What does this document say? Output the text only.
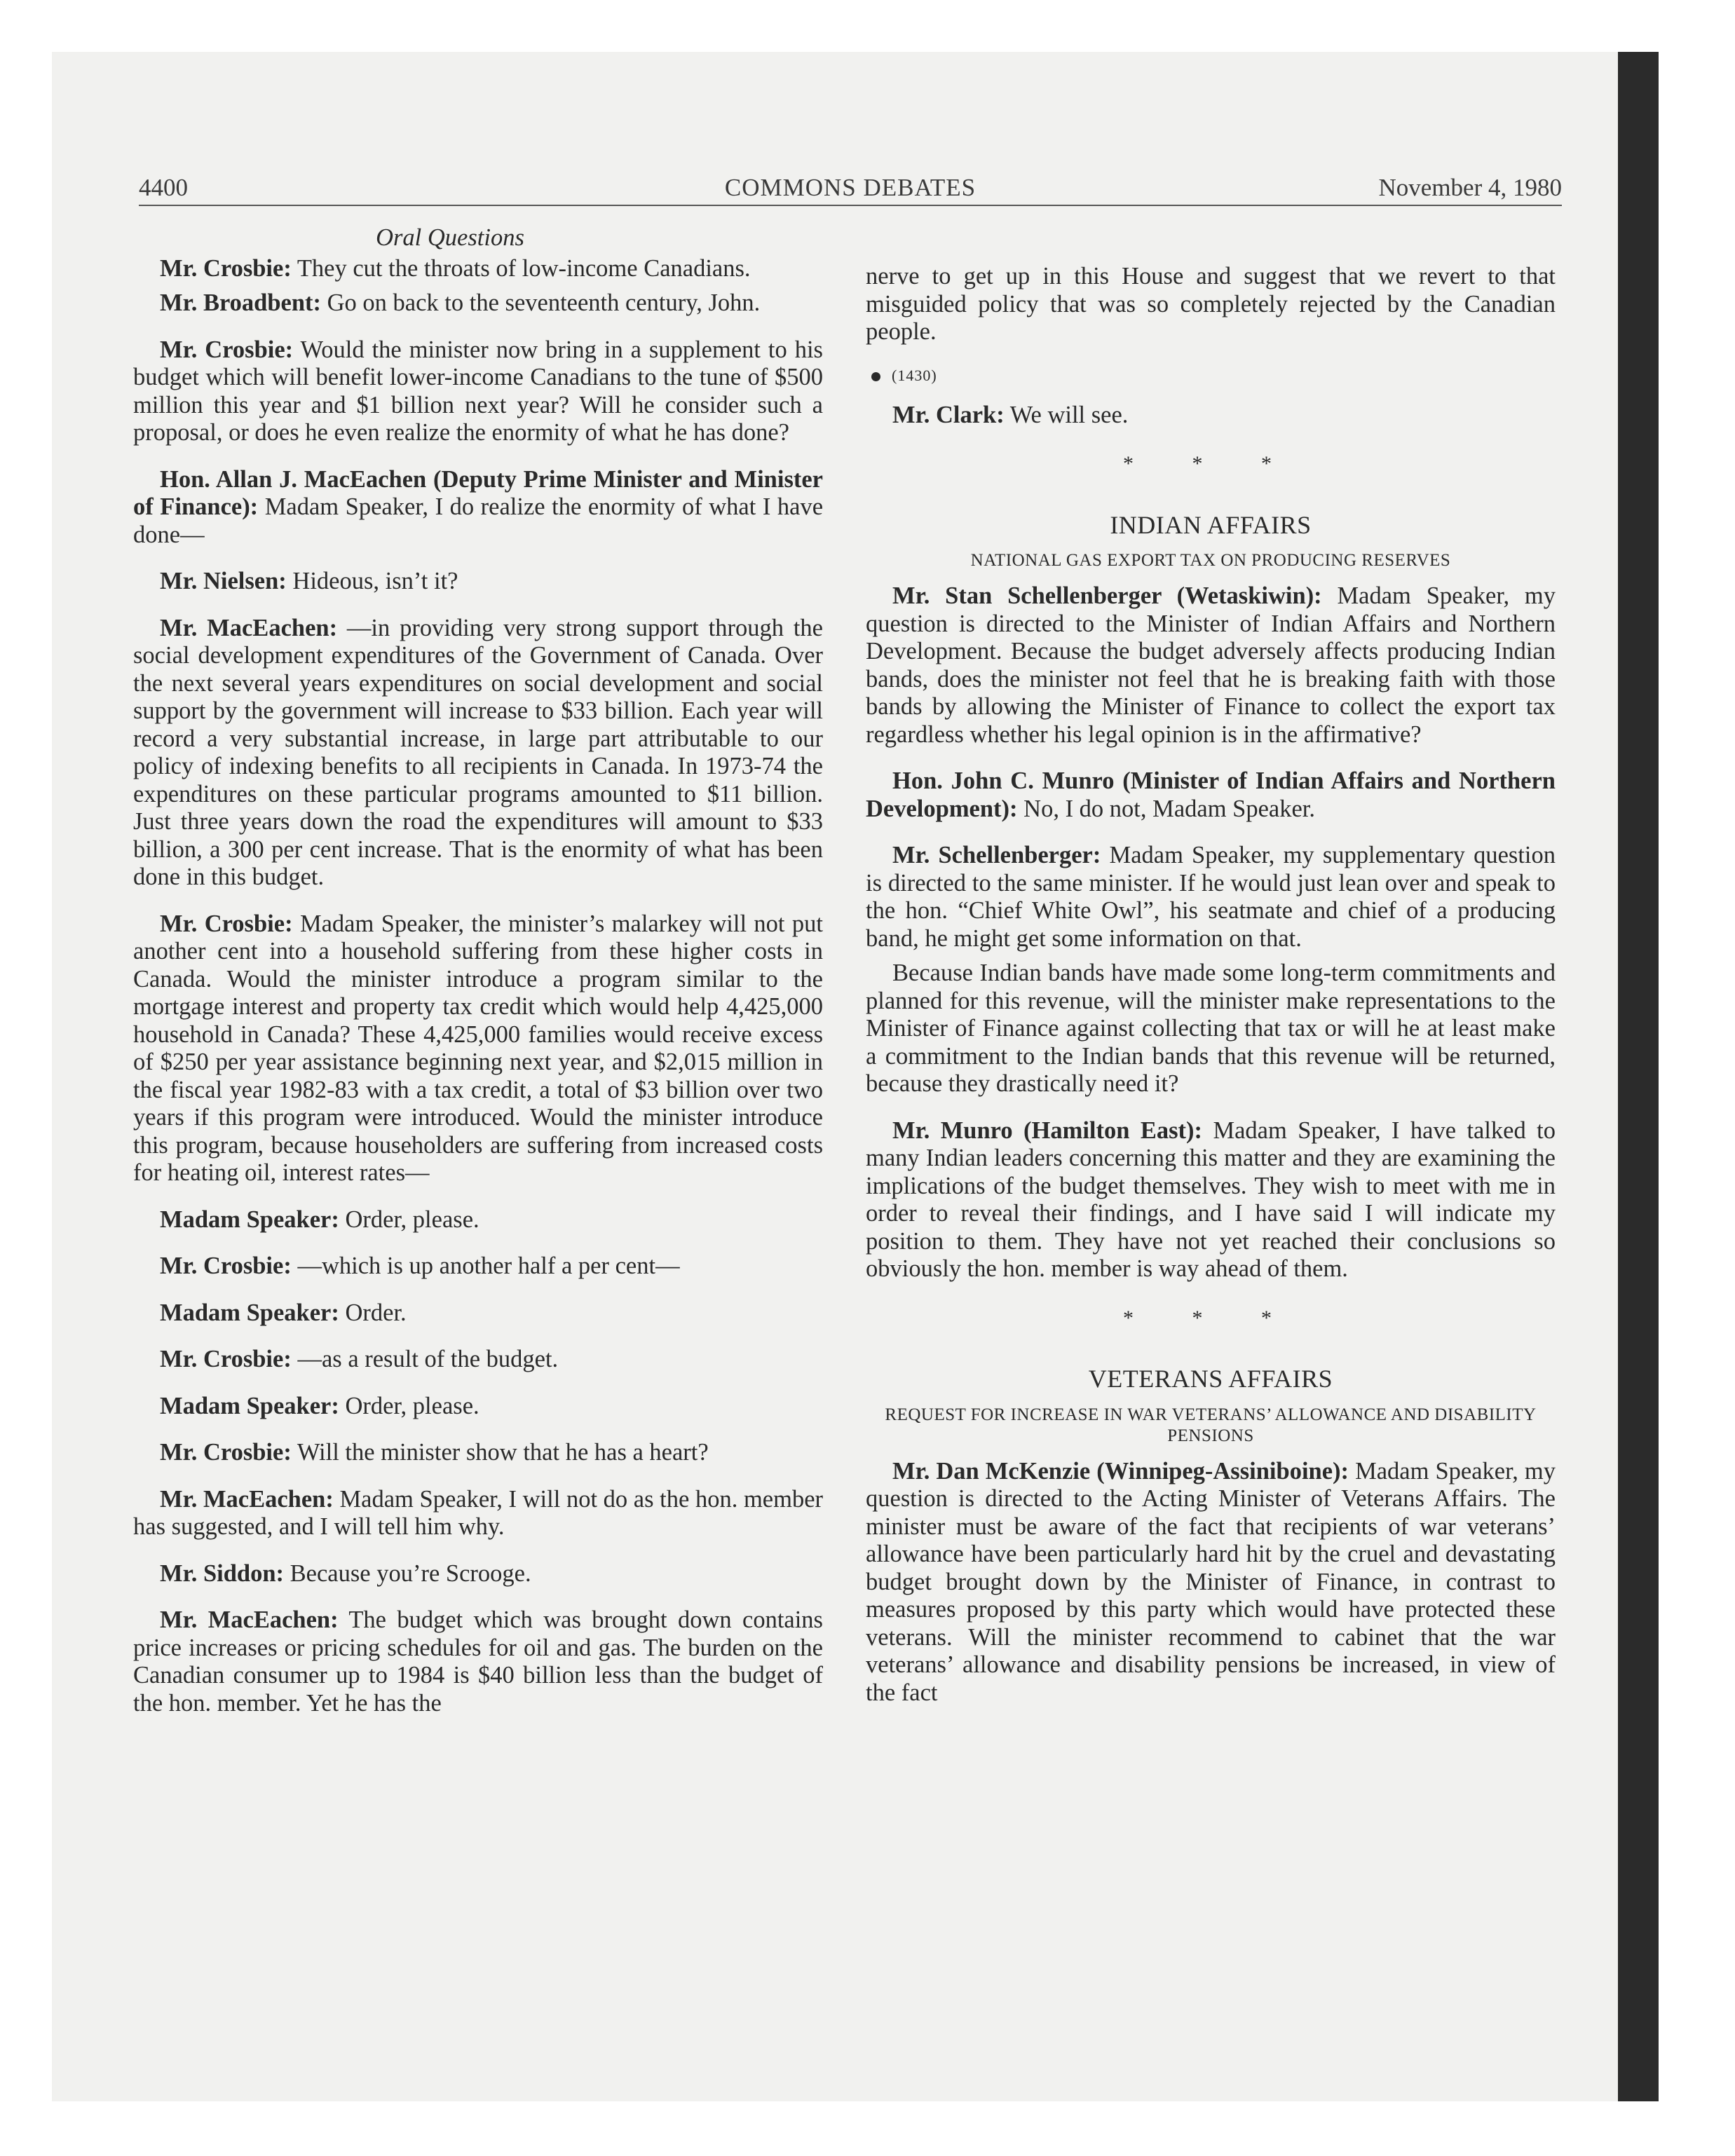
4400	COMMONS DEBATES	November 4, 1980
Oral Questions

Mr. Crosbie: They cut the throats of low-income Canadians.

Mr. Broadbent: Go on back to the seventeenth century, John.

Mr. Crosbie: Would the minister now bring in a supplement to his budget which will benefit lower-income Canadians to the tune of $500 million this year and $1 billion next year? Will he consider such a proposal, or does he even realize the enormity of what he has done?

Hon. Allan J. MacEachen (Deputy Prime Minister and Minister of Finance): Madam Speaker, I do realize the enormity of what I have done—

Mr. Nielsen: Hideous, isn’t it?

Mr. MacEachen: —in providing very strong support through the social development expenditures of the Government of Canada. Over the next several years expenditures on social development and social support by the government will increase to $33 billion. Each year will record a very substantial increase, in large part attributable to our policy of indexing benefits to all recipients in Canada. In 1973-74 the expenditures on these particular programs amounted to $11 billion. Just three years down the road the expenditures will amount to $33 billion, a 300 per cent increase. That is the enormity of what has been done in this budget.

Mr. Crosbie: Madam Speaker, the minister’s malarkey will not put another cent into a household suffering from these higher costs in Canada. Would the minister introduce a program similar to the mortgage interest and property tax credit which would help 4,425,000 household in Canada? These 4,425,000 families would receive excess of $250 per year assistance beginning next year, and $2,015 million in the fiscal year 1982-83 with a tax credit, a total of $3 billion over two years if this program were introduced. Would the minister introduce this program, because householders are suffering from increased costs for heating oil, interest rates—

Madam Speaker: Order, please.

Mr. Crosbie: —which is up another half a per cent—

Madam Speaker: Order.

Mr. Crosbie: —as a result of the budget.

Madam Speaker: Order, please.

Mr. Crosbie: Will the minister show that he has a heart?

Mr. MacEachen: Madam Speaker, I will not do as the hon. member has suggested, and I will tell him why.

Mr. Siddon: Because you’re Scrooge.

Mr. MacEachen: The budget which was brought down contains price increases or pricing schedules for oil and gas. The burden on the Canadian consumer up to 1984 is $40 billion less than the budget of the hon. member. Yet he has the

nerve to get up in this House and suggest that we revert to that misguided policy that was so completely rejected by the Canadian people.

(1430)

Mr. Clark: We will see.

* * *
INDIAN AFFAIRS
NATIONAL GAS EXPORT TAX ON PRODUCING RESERVES

Mr. Stan Schellenberger (Wetaskiwin): Madam Speaker, my question is directed to the Minister of Indian Affairs and Northern Development. Because the budget adversely affects producing Indian bands, does the minister not feel that he is breaking faith with those bands by allowing the Minister of Finance to collect the export tax regardless whether his legal opinion is in the affirmative?

Hon. John C. Munro (Minister of Indian Affairs and Northern Development): No, I do not, Madam Speaker.

Mr. Schellenberger: Madam Speaker, my supplementary question is directed to the same minister. If he would just lean over and speak to the hon. “Chief White Owl”, his seatmate and chief of a producing band, he might get some information on that.

Because Indian bands have made some long-term commitments and planned for this revenue, will the minister make representations to the Minister of Finance against collecting that tax or will he at least make a commitment to the Indian bands that this revenue will be returned, because they drastically need it?

Mr. Munro (Hamilton East): Madam Speaker, I have talked to many Indian leaders concerning this matter and they are examining the implications of the budget themselves. They wish to meet with me in order to reveal their findings, and I have said I will indicate my position to them. They have not yet reached their conclusions so obviously the hon. member is way ahead of them.

* * *
VETERANS AFFAIRS
REQUEST FOR INCREASE IN WAR VETERANS’ ALLOWANCE AND DISABILITY PENSIONS

Mr. Dan McKenzie (Winnipeg-Assiniboine): Madam Speaker, my question is directed to the Acting Minister of Veterans Affairs. The minister must be aware of the fact that recipients of war veterans’ allowance have been particularly hard hit by the cruel and devastating budget brought down by the Minister of Finance, in contrast to measures proposed by this party which would have protected these veterans. Will the minister recommend to cabinet that the war veterans’ allowance and disability pensions be increased, in view of the fact
